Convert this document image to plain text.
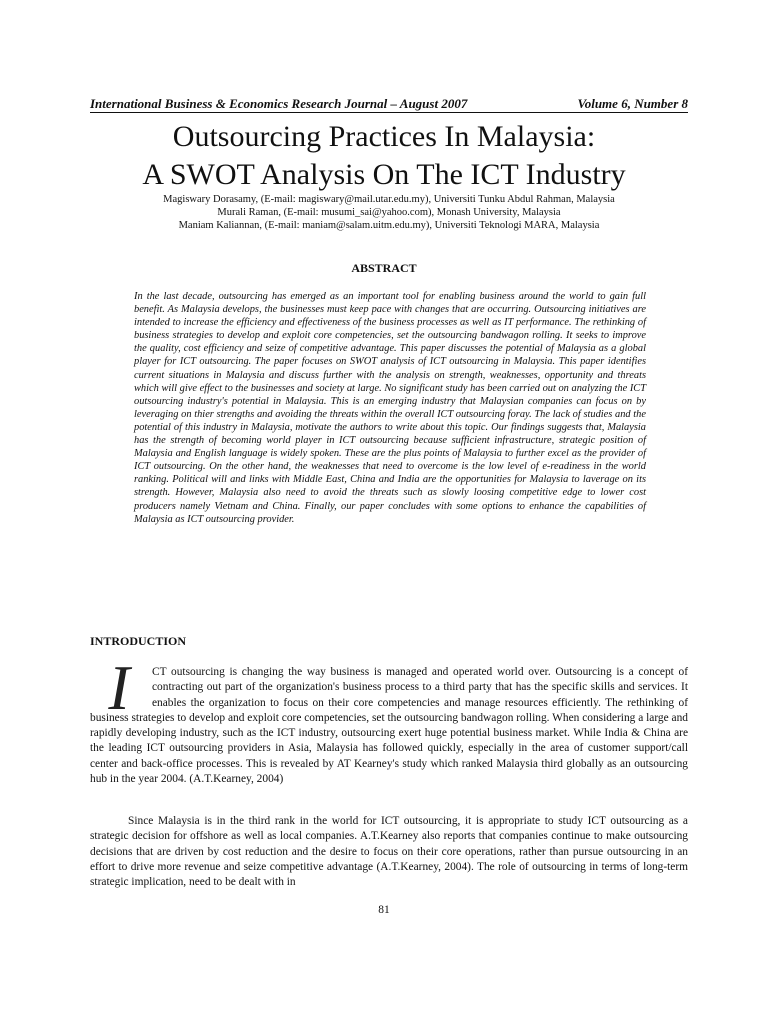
International Business & Economics Research Journal – August 2007	Volume 6, Number 8
Outsourcing Practices In Malaysia:
A SWOT Analysis On The ICT Industry
Magiswary Dorasamy, (E-mail: magiswary@mail.utar.edu.my), Universiti Tunku Abdul Rahman, Malaysia
Murali Raman, (E-mail: musumi_sai@yahoo.com), Monash University, Malaysia
Maniam Kaliannan, (E-mail: maniam@salam.uitm.edu.my), Universiti Teknologi MARA, Malaysia
ABSTRACT
In the last decade, outsourcing has emerged as an important tool for enabling business around the world to gain full benefit. As Malaysia develops, the businesses must keep pace with changes that are occurring. Outsourcing initiatives are intended to increase the efficiency and effectiveness of the business processes as well as IT performance. The rethinking of business strategies to develop and exploit core competencies, set the outsourcing bandwagon rolling. It seeks to improve the quality, cost efficiency and seize of competitive advantage. This paper discusses the potential of Malaysia as a global player for ICT outsourcing. The paper focuses on SWOT analysis of ICT outsourcing in Malaysia. This paper identifies current situations in Malaysia and discuss further with the analysis on strength, weaknesses, opportunity and threats which will give effect to the businesses and society at large. No significant study has been carried out on analyzing the ICT outsourcing industry's potential in Malaysia. This is an emerging industry that Malaysian companies can focus on by leveraging on thier strengths and avoiding the threats within the overall ICT outsourcing foray. The lack of studies and the potential of this industry in Malaysia, motivate the authors to write about this topic. Our findings suggests that, Malaysia has the strength of becoming world player in ICT outsourcing because sufficient infrastructure, strategic position of Malaysia and English language is widely spoken. These are the plus points of Malaysia to further excel as the provider of ICT outsourcing. On the other hand, the weaknesses that need to overcome is the low level of e-readiness in the world ranking. Political will and links with Middle East, China and India are the opportunities for Malaysia to laverage on its strength. However, Malaysia also need to avoid the threats such as slowly loosing competitive edge to lower cost producers namely Vietnam and China. Finally, our paper concludes with some options to enhance the capabilities of Malaysia as ICT outsourcing provider.
INTRODUCTION
I	CT outsourcing is changing the way business is managed and operated world over. Outsourcing is a concept of contracting out part of the organization's business process to a third party that has the specific skills and services. It enables the organization to focus on their core competencies and manage resources efficiently. The rethinking of business strategies to develop and exploit core competencies, set the outsourcing bandwagon rolling. When considering a large and rapidly developing industry, such as the ICT industry, outsourcing exert huge potential business market. While India & China are the leading ICT outsourcing providers in Asia, Malaysia has followed quickly, especially in the area of customer support/call center and back-office processes. This is revealed by AT Kearney's study which ranked Malaysia third globally as an outsourcing hub in the year 2004. (A.T.Kearney, 2004)
Since Malaysia is in the third rank in the world for ICT outsourcing, it is appropriate to study ICT outsourcing as a strategic decision for offshore as well as local companies. A.T.Kearney also reports that companies continue to make outsourcing decisions that are driven by cost reduction and the desire to focus on their core operations, rather than pursue outsourcing in an effort to drive more revenue and seize competitive advantage (A.T.Kearney, 2004). The role of outsourcing in terms of long-term strategic implication, need to be dealt with in
81
